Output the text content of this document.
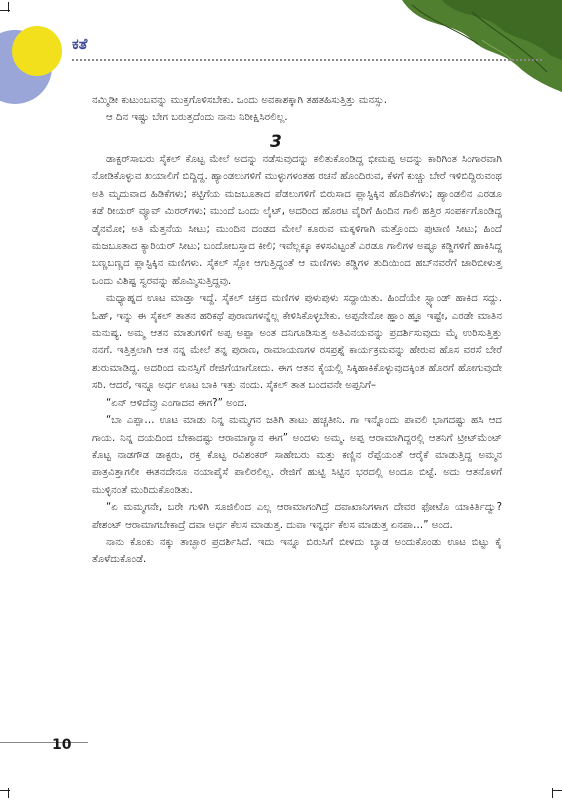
ಕತೆ

ನಮ್ಮಿಡೀ ಕುಟುಂಬವನ್ನು ಮುಕ್ತಗೊಳಿಸಬೇಕು. ಒಂದು ಅವಕಾಶಕ್ಕಾಗಿ ತಹತಹಿಸುತ್ತಿತ್ತು ಮನಸ್ಸು.

ಆ ದಿನ ಇಷ್ಟು ಬೇಗ ಬರುತ್ತದೆಂದು ನಾನು ನಿರೀಕ್ಷಿಸಿರಲಿಲ್ಲ.

3

ಡಾಕ್ಟರ್‌ಸಾಬರು ಸೈಕಲ್ ಕೊಟ್ಟ ಮೇಲೆ ಅದನ್ನು ನಡೆಸುವುದನ್ನು ಕಲಿತುಕೊಂಡಿದ್ದ ಭೀಮಪ್ಪ ಅದನ್ನು ಕಾರಿಗಿಂತ ಸಿಂಗಾರವಾಗಿ ನೋಡಿಕೊಳ್ಳುವ ಖಯಾಲಿಗೆ ಬಿದ್ದಿದ್ದ. ಹ್ಯಾಂಡಲುಗಳಿಗೆ ಮುಳ್ಳುಗಳಂತಹ ರಚನೆ ಹೊಂದಿರುವ, ಕೆಳಗೆ ಕುಚ್ಚು ಬೇರೆ ಇಳಿಬಿದ್ದಿರುವಂಥ ಅತಿ ಮೃದುವಾದ ಹಿಡಿಕೆಗಳು; ಕಟ್ಟಿಗೆಯ ಮಜಬೂತಾದ ಪೆಡಲುಗಳಿಗೆ ಬಿರುಸಾದ ಪ್ಲಾಸ್ಟಿಕ್ಕಿನ ಹೊದಿಕೆಗಳು; ಹ್ಯಾಂಡಲಿನ ಎರಡೂ ಕಡೆ ರೀಯರ್ ವ್ಯೂವ್ ಮಿರರ್‌ಗಳು; ಮುಂದೆ ಒಂದು ಲೈಟ್, ಅದರಿಂದ ಹೊರಟ ವೈರಿಗೆ ಹಿಂದಿನ ಗಾಲಿ ಹತ್ತಿರ ಸಂಪರ್ಕಗೊಂಡಿದ್ದ ಡೈನಮೋ; ಅತಿ ಮೆತ್ತನೆಯ ಸೀಟು; ಮುಂದಿನ ದಂಡದ ಮೇಲೆ ಕೂರುವ ಮಕ್ಕಳಿಗಾಗಿ ಮತ್ತೊಂದು ಪುಟಾಣಿ ಸೀಟು; ಹಿಂದೆ ಮಜಬೂತಾದ ಕ್ಯಾರಿಯರ್ ಸೀಟು; ಬಂದೋಬಸ್ತಾದ ಕೀಲಿ; ಇವೆಲ್ಲಕ್ಕೂ ಕಳಸವಿಟ್ಟಂತೆ ಎರಡೂ ಗಾಲಿಗಳ ಅಷ್ಟೂ ಕಡ್ಡಿಗಳಿಗೆ ಹಾಕಿಸಿದ್ದ ಬಣ್ಣಬಣ್ಣದ ಪ್ಲಾಸ್ಟಿಕ್ಕಿನ ಮಣಿಗಳು. ಸೈಕಲ್ ಸ್ಲೋ ಆಗುತ್ತಿದ್ದಂತೆ ಆ ಮಣಿಗಳು ಕಡ್ಡಿಗಳ ತುದಿಯಿಂದ ಹಬ್‌ನವರೆಗೆ ಜಾರಿಬೀಳುತ್ತ ಒಂದು ವಿಶಿಷ್ಟ ಸ್ವರವನ್ನು ಹೊಮ್ಮಿಸುತ್ತಿದ್ದವು.

ಮಧ್ಯಾಹ್ನದ ಊಟ ಮಾಡ್ತಾ ಇದ್ದೆ. ಸೈಕಲ್ ಚಕ್ರದ ಮಣಿಗಳ ಪುಳುಪುಳು ಸದ್ದಾಯಿತು. ಹಿಂದೆಯೇ ಸ್ಟ್ಯಾಂಡ್ ಹಾಕಿದ ಸದ್ದು. ಓಹ್, ಇನ್ನು ಈ ಸೈಕಲ್ ತಾತನ ಹರಿಕಥೆ ಪುರಾಣಗಳನ್ನೆಲ್ಲ ಕೇಳಿಸಿಕೊಳ್ಳಬೇಕು. ಅಪ್ಪನೇನೋ ಹ್ಞಾಂ ಹ್ಞೂ ಇಷ್ಟೇ, ಎರಡೇ ಮಾತಿನ ಮನುಷ್ಯ. ಅಮ್ಮ ಆತನ ಮಾತುಗಳಿಗೆ ಅಪ್ಪ ಅಪ್ಪಾ ಅಂತ ದನಿಗೂಡಿಸುತ್ತ ಅತಿವಿನಯವನ್ನು ಪ್ರದರ್ಶಿಸುವುದು ಮೈ ಉರಿಸುತ್ತಿತ್ತು ನನಗೆ. ಇತ್ತಿತ್ತಲಾಗಿ ಆತ ನನ್ನ ಮೇಲೆ ತನ್ನ ಪುರಾಣ, ರಾಮಾಯಣಗಳ ರಸಪ್ರಶ್ನೆ ಕಾರ್ಯಕ್ರಮವನ್ನು ಹೇರುವ ಹೊಸ ವರಸೆ ಬೇರೆ ಶುರುಮಾಡಿದ್ದ. ಅದರಿಂದ ಮನಸ್ಸಿಗೆ ರೇಜಿಗೆಯಾಗೋದು. ಈಗ ಆತನ ಕೈಯಲ್ಲಿ ಸಿಕ್ಕಿಹಾಕಿಕೊಳ್ಳುವುದಕ್ಕಿಂತ ಹೊರಗೆ ಹೋಗುವುದೇ ಸರಿ. ಆದರೆ, ಇನ್ನೂ ಅರ್ಧ ಊಟ ಬಾಕಿ ಇತ್ತು ನಂದು. ಸೈಕಲ್ ತಾತ ಬಂದವನೇ ಅಪ್ಪನಿಗೆ–

“ಏನ್ ಆಳಿದೆವ್ರು ಎಂಗಾದವ ಈಗ?” ಅಂದ.

“ಬಾ ಎಪ್ಪಾ… ಊಟ ಮಾಡು ನಿನ್ನ ಮಮ್ಮಗನ ಜತಿಗಿ ತಾಟು ಹಚ್ಚತೀನಿ. ಗಾ ಇನ್ನೊಂದು ಪಾವಲಿ ಭಾಗದಷ್ಟು ಹಸಿ ಆದ ಗಾಯ. ನಿನ್ನ ದಯದಿಂದ ಬೇಕಾದಷ್ಟು ಆರಾಮಾಗ್ಯಾನ ಈಗ” ಅಂದಳು ಅಮ್ಮ. ಅಪ್ಪ ಆರಾಮಾಗಿದ್ದರಲ್ಲಿ ಆತನಿಗೆ ಟ್ರೀಟ್‌ಮೆಂಟ್ ಕೊಟ್ಟ ನಾಡಗೌಡ ಡಾಕ್ಟರು, ರಕ್ತ ಕೊಟ್ಟ ರವಿಶಂಕರ್ ಸಾಹೇಬರು ಮತ್ತು ಕಣ್ಣಿನ ರೆಪ್ಪೆಯಂತೆ ಆರೈಕೆ ಮಾಡುತ್ತಿದ್ದ ಅಮ್ಮನ ಪಾತ್ರವಿತ್ತಾಗಲೀ ಈತನದೇನೂ ನಯಾಪೈಸೆ ಪಾಲಿರಲಿಲ್ಲ. ರೇಜಿಗೆ ಹುಟ್ಟಿ ಸಿಟ್ಟಿನ ಭರದಲ್ಲಿ ಅಂದೂ ಬಿಟ್ಟೆ. ಅದು ಆತನೊಳಗೆ ಮುಳ್ಳಿನಂತೆ ಮುರಿದುಕೊಂಡಿತು.

“ಏ ಮಮ್ಮಗನೇ, ಬರೇ ಗುಳಿಗಿ ಸೂಜಿಲಿಂದ ಎಲ್ಲ ಆರಾಮಾಗಂಗಿದ್ರೆ ದವಾಖಾನಿಗಳಾಗ ದೇವರ ಫೋಟೊ ಯಾಕಿರ್ತಿದ್ವು? ಪೇಶಂಟ್ ಆರಾಮಾಗಬೇಕಾದ್ರೆ ದವಾ ಅರ್ಧ ಕೆಲಸ ಮಾಡುತ್ತ. ದುವಾ ಇನ್ನರ್ಧ ಕೆಲಸ ಮಾಡುತ್ತ ಏನಪಾ…” ಅಂದ.

ನಾನು ಕೊಂಕು ನಕ್ಕು ತಾಚ್ಛಾರ ಪ್ರದರ್ಶಿಸಿದೆ. ಇದು ಇನ್ನೂ ಬಿರುಸಿಗೆ ಬೀಳದು ಬ್ಯಾಡ ಅಂದುಕೊಂಡು ಊಟ ಬಿಟ್ಟು ಕೈ ತೊಳೆದುಕೊಂಡೆ.

10
